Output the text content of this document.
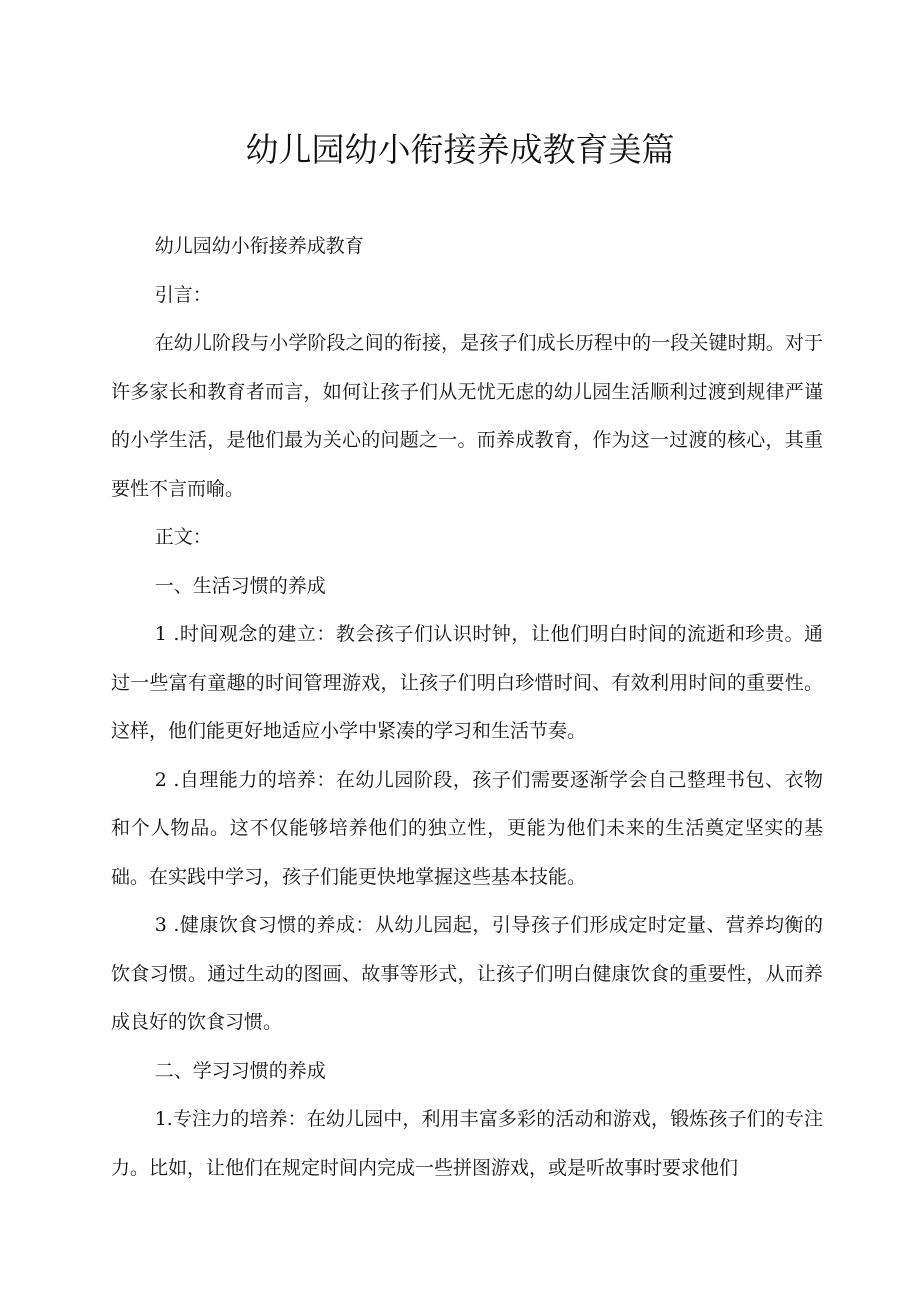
幼儿园幼小衔接养成教育美篇

幼儿园幼小衔接养成教育

引言：

在幼儿阶段与小学阶段之间的衔接，是孩子们成长历程中的一段关键时期。对于许多家长和教育者而言，如何让孩子们从无忧无虑的幼儿园生活顺利过渡到规律严谨的小学生活，是他们最为关心的问题之一。而养成教育，作为这一过渡的核心，其重要性不言而喻。

正文：

一、生活习惯的养成

1 .时间观念的建立：教会孩子们认识时钟，让他们明白时间的流逝和珍贵。通过一些富有童趣的时间管理游戏，让孩子们明白珍惜时间、有效利用时间的重要性。这样，他们能更好地适应小学中紧凑的学习和生活节奏。

2 .自理能力的培养：在幼儿园阶段，孩子们需要逐渐学会自己整理书包、衣物和个人物品。这不仅能够培养他们的独立性，更能为他们未来的生活奠定坚实的基础。在实践中学习，孩子们能更快地掌握这些基本技能。

3 .健康饮食习惯的养成：从幼儿园起，引导孩子们形成定时定量、营养均衡的饮食习惯。通过生动的图画、故事等形式，让孩子们明白健康饮食的重要性，从而养成良好的饮食习惯。

二、学习习惯的养成

1.专注力的培养：在幼儿园中，利用丰富多彩的活动和游戏，锻炼孩子们的专注力。比如，让他们在规定时间内完成一些拼图游戏，或是听故事时要求他们
